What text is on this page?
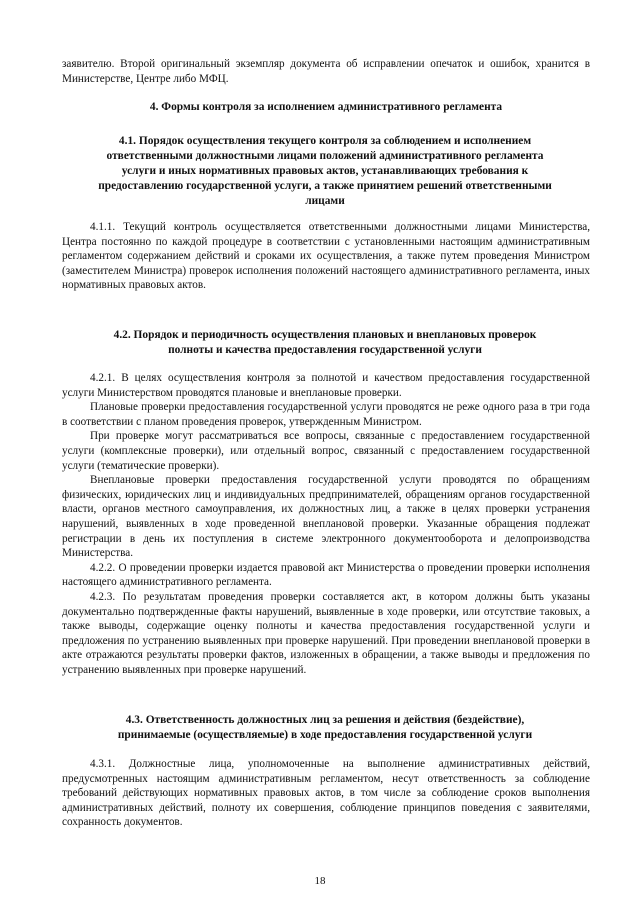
заявителю. Второй оригинальный экземпляр документа об исправлении опечаток и ошибок, хранится в Министерстве, Центре либо МФЦ.

4. Формы контроля за исполнением административного регламента
4.1. Порядок осуществления текущего контроля за соблюдением и исполнением ответственными должностными лицами положений административного регламента услуги и иных нормативных правовых актов, устанавливающих требования к предоставлению государственной услуги, а также принятием решений ответственными лицами

4.1.1. Текущий контроль осуществляется ответственными должностными лицами Министерства, Центра постоянно по каждой процедуре в соответствии с установленными настоящим административным регламентом содержанием действий и сроками их осуществления, а также путем проведения Министром (заместителем Министра) проверок исполнения положений настоящего административного регламента, иных нормативных правовых актов.

4.2. Порядок и периодичность осуществления плановых и внеплановых проверок полноты и качества предоставления государственной услуги

4.2.1. В целях осуществления контроля за полнотой и качеством предоставления государственной услуги Министерством проводятся плановые и внеплановые проверки.

Плановые проверки предоставления государственной услуги проводятся не реже одного раза в три года в соответствии с планом проведения проверок, утвержденным Министром.

При проверке могут рассматриваться все вопросы, связанные с предоставлением государственной услуги (комплексные проверки), или отдельный вопрос, связанный с предоставлением государственной услуги (тематические проверки).

Внеплановые проверки предоставления государственной услуги проводятся по обращениям физических, юридических лиц и индивидуальных предпринимателей, обращениям органов государственной власти, органов местного самоуправления, их должностных лиц, а также в целях проверки устранения нарушений, выявленных в ходе проведенной внеплановой проверки. Указанные обращения подлежат регистрации в день их поступления в системе электронного документооборота и делопроизводства Министерства.

4.2.2. О проведении проверки издается правовой акт Министерства о проведении проверки исполнения настоящего административного регламента.

4.2.3. По результатам проведения проверки составляется акт, в котором должны быть указаны документально подтвержденные факты нарушений, выявленные в ходе проверки, или отсутствие таковых, а также выводы, содержащие оценку полноты и качества предоставления государственной услуги и предложения по устранению выявленных при проверке нарушений. При проведении внеплановой проверки в акте отражаются результаты проверки фактов, изложенных в обращении, а также выводы и предложения по устранению выявленных при проверке нарушений.

4.3. Ответственность должностных лиц за решения и действия (бездействие), принимаемые (осуществляемые) в ходе предоставления государственной услуги

4.3.1. Должностные лица, уполномоченные на выполнение административных действий, предусмотренных настоящим административным регламентом, несут ответственность за соблюдение требований действующих нормативных правовых актов, в том числе за соблюдение сроков выполнения административных действий, полноту их совершения, соблюдение принципов поведения с заявителями, сохранность документов.

18
